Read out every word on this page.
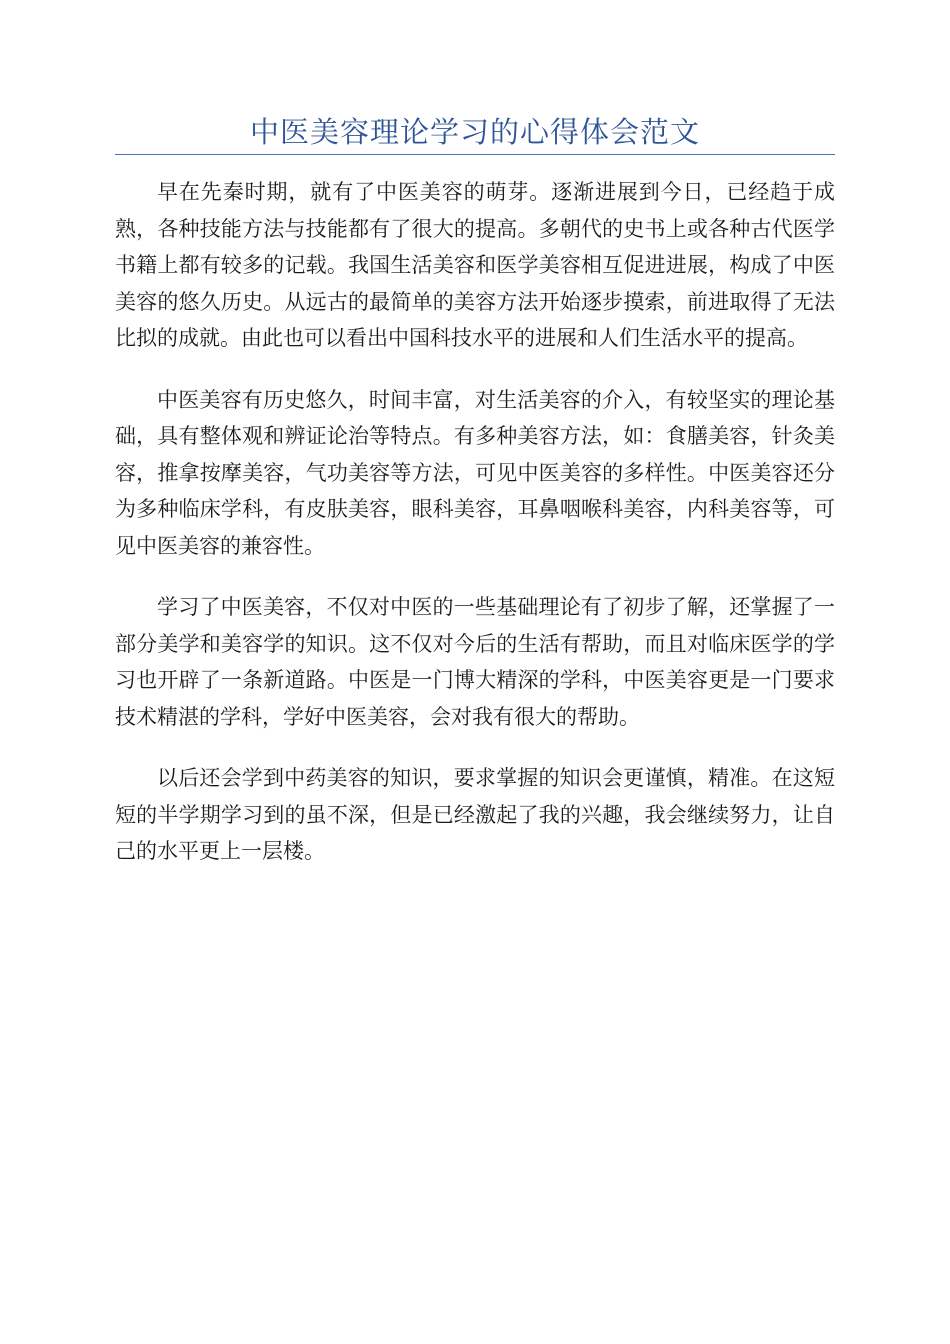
中医美容理论学习的心得体会范文

早在先秦时期，就有了中医美容的萌芽。逐渐进展到今日，已经趋于成熟，各种技能方法与技能都有了很大的提高。多朝代的史书上或各种古代医学书籍上都有较多的记载。我国生活美容和医学美容相互促进进展，构成了中医美容的悠久历史。从远古的最简单的美容方法开始逐步摸索，前进取得了无法比拟的成就。由此也可以看出中国科技水平的进展和人们生活水平的提高。

中医美容有历史悠久，时间丰富，对生活美容的介入，有较坚实的理论基础，具有整体观和辨证论治等特点。有多种美容方法，如：食膳美容，针灸美容，推拿按摩美容，气功美容等方法，可见中医美容的多样性。中医美容还分为多种临床学科，有皮肤美容，眼科美容，耳鼻咽喉科美容，内科美容等，可见中医美容的兼容性。

学习了中医美容，不仅对中医的一些基础理论有了初步了解，还掌握了一部分美学和美容学的知识。这不仅对今后的生活有帮助，而且对临床医学的学习也开辟了一条新道路。中医是一门博大精深的学科，中医美容更是一门要求技术精湛的学科，学好中医美容，会对我有很大的帮助。

以后还会学到中药美容的知识，要求掌握的知识会更谨慎，精准。在这短短的半学期学习到的虽不深，但是已经激起了我的兴趣，我会继续努力，让自己的水平更上一层楼。
